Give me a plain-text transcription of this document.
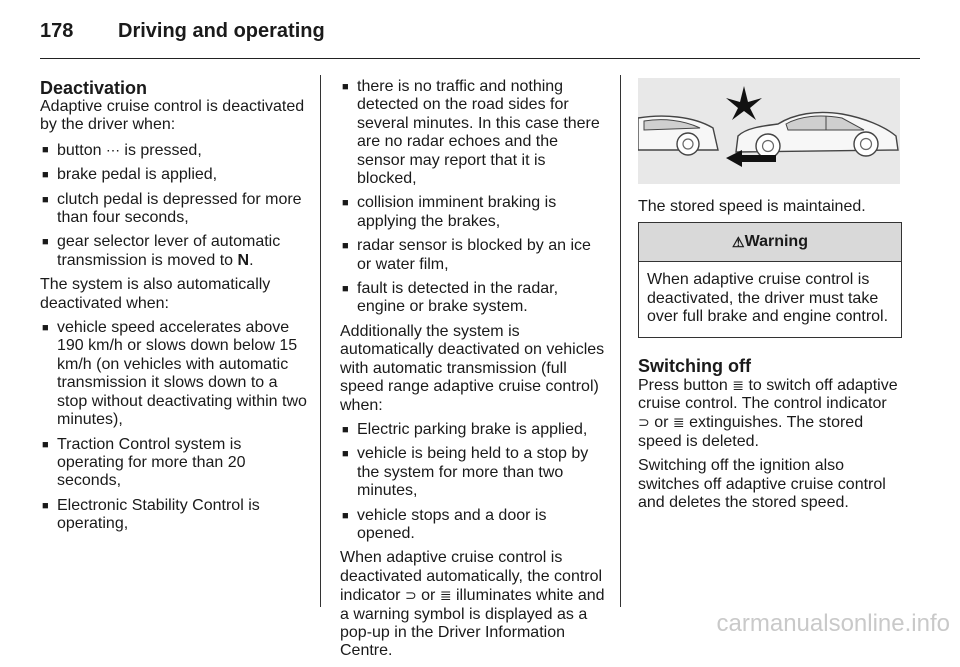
178 Driving and operating
Deactivation

Adaptive cruise control is deactivated by the driver when:

■ button ⋯ is pressed,
■ brake pedal is applied,
■ clutch pedal is depressed for more than four seconds,
■ gear selector lever of automatic transmission is moved to N.

The system is also automatically deactivated when:

■ vehicle speed accelerates above 190 km/h or slows down below 15 km/h (on vehicles with automatic transmission it slows down to a stop without deactivating within two minutes),
■ Traction Control system is operating for more than 20 seconds,
■ Electronic Stability Control is operating,
■ there is no traffic and nothing detected on the road sides for several minutes. In this case there are no radar echoes and the sensor may report that it is blocked,
■ collision imminent braking is applying the brakes,
■ radar sensor is blocked by an ice or water film,
■ fault is detected in the radar, engine or brake system.

Additionally the system is automatically deactivated on vehicles with automatic transmission (full speed range adaptive cruise control) when:

■ Electric parking brake is applied,
■ vehicle is being held to a stop by the system for more than two minutes,
■ vehicle stops and a door is opened.

When adaptive cruise control is deactivated automatically, the control indicator ⊃ or ≣ illuminates white and a warning symbol is displayed as a pop-up in the Driver Information Centre.

The stored speed is maintained.

⚠ Warning
When adaptive cruise control is deactivated, the driver must take over full brake and engine control.
Switching off

Press button ≣ to switch off adaptive cruise control. The control indicator ⊃ or ≣ extinguishes. The stored speed is deleted.

Switching off the ignition also switches off adaptive cruise control and deletes the stored speed.

carmanualsonline.info
